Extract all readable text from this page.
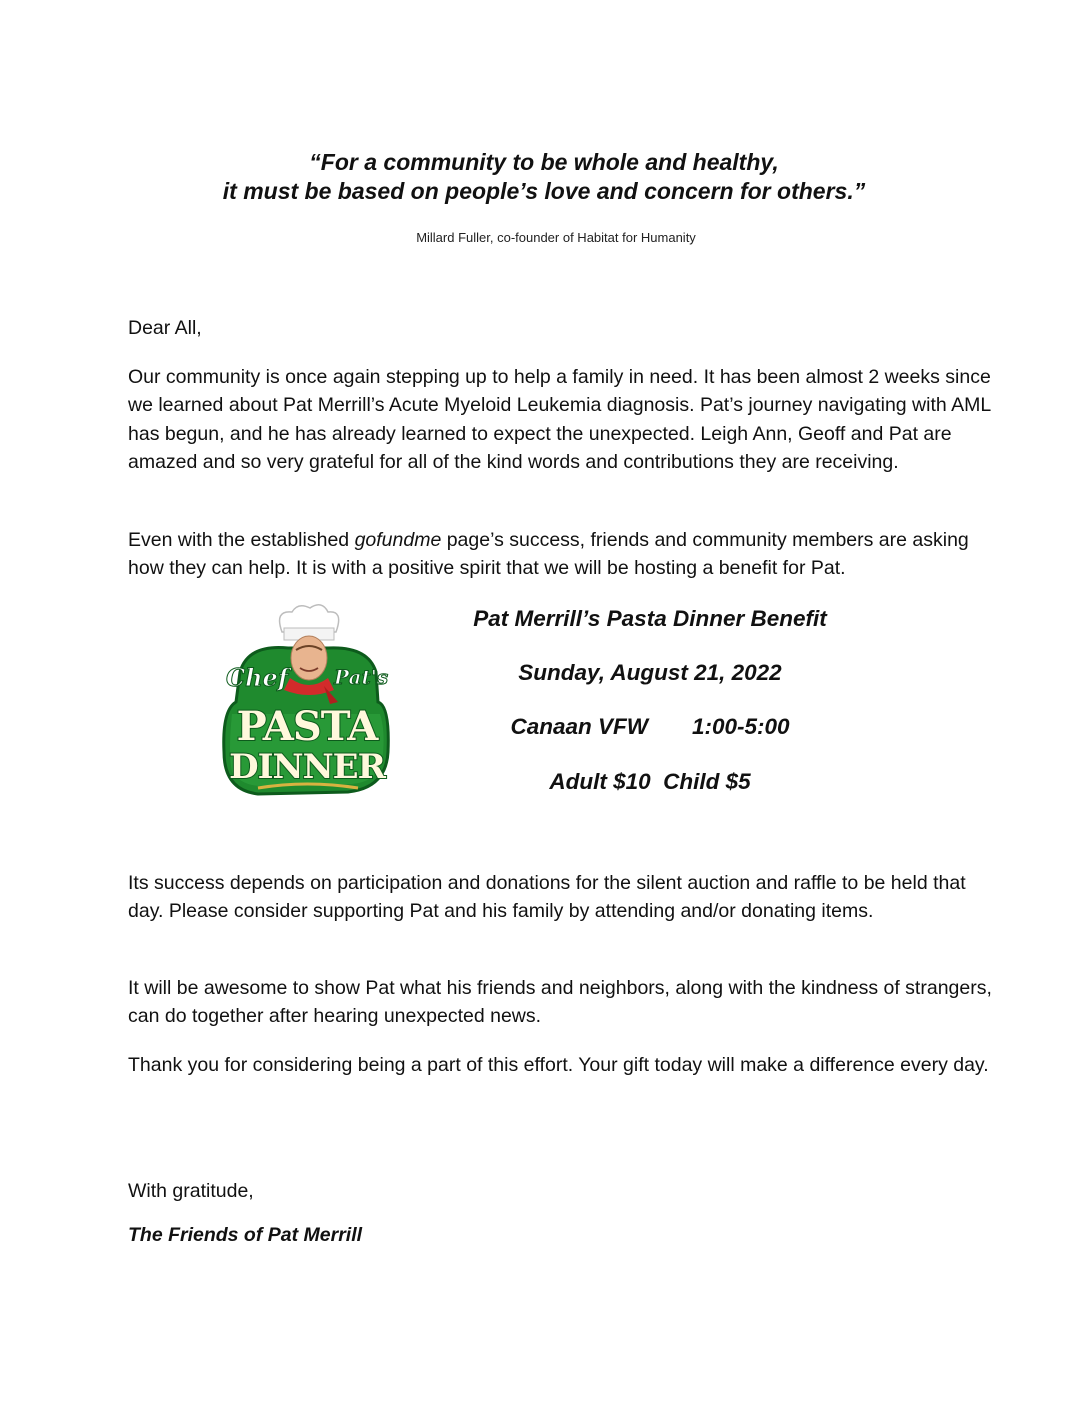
“For a community to be whole and healthy,
it must be based on people’s love and concern for others.”
Millard Fuller, co-founder of Habitat for Humanity

Dear All,

Our community is once again stepping up to help a family in need. It has been almost 2 weeks since we learned about Pat Merrill’s Acute Myeloid Leukemia diagnosis. Pat’s journey navigating with AML has begun, and he has already learned to expect the unexpected. Leigh Ann, Geoff and Pat are amazed and so very grateful for all of the kind words and contributions they are receiving.

Even with the established gofundme page’s success, friends and community members are asking how they can help. It is with a positive spirit that we will be hosting a benefit for Pat.

Chef Pat's
PASTA
DINNER
Pat Merrill’s Pasta Dinner Benefit
Sunday, August 21, 2022
Canaan VFW 1:00-5:00
Adult $10  Child $5

Its success depends on participation and donations for the silent auction and raffle to be held that day. Please consider supporting Pat and his family by attending and/or donating items.

It will be awesome to show Pat what his friends and neighbors, along with the kindness of strangers, can do together after hearing unexpected news.

Thank you for considering being a part of this effort. Your gift today will make a difference every day.

With gratitude,

The Friends of Pat Merrill
